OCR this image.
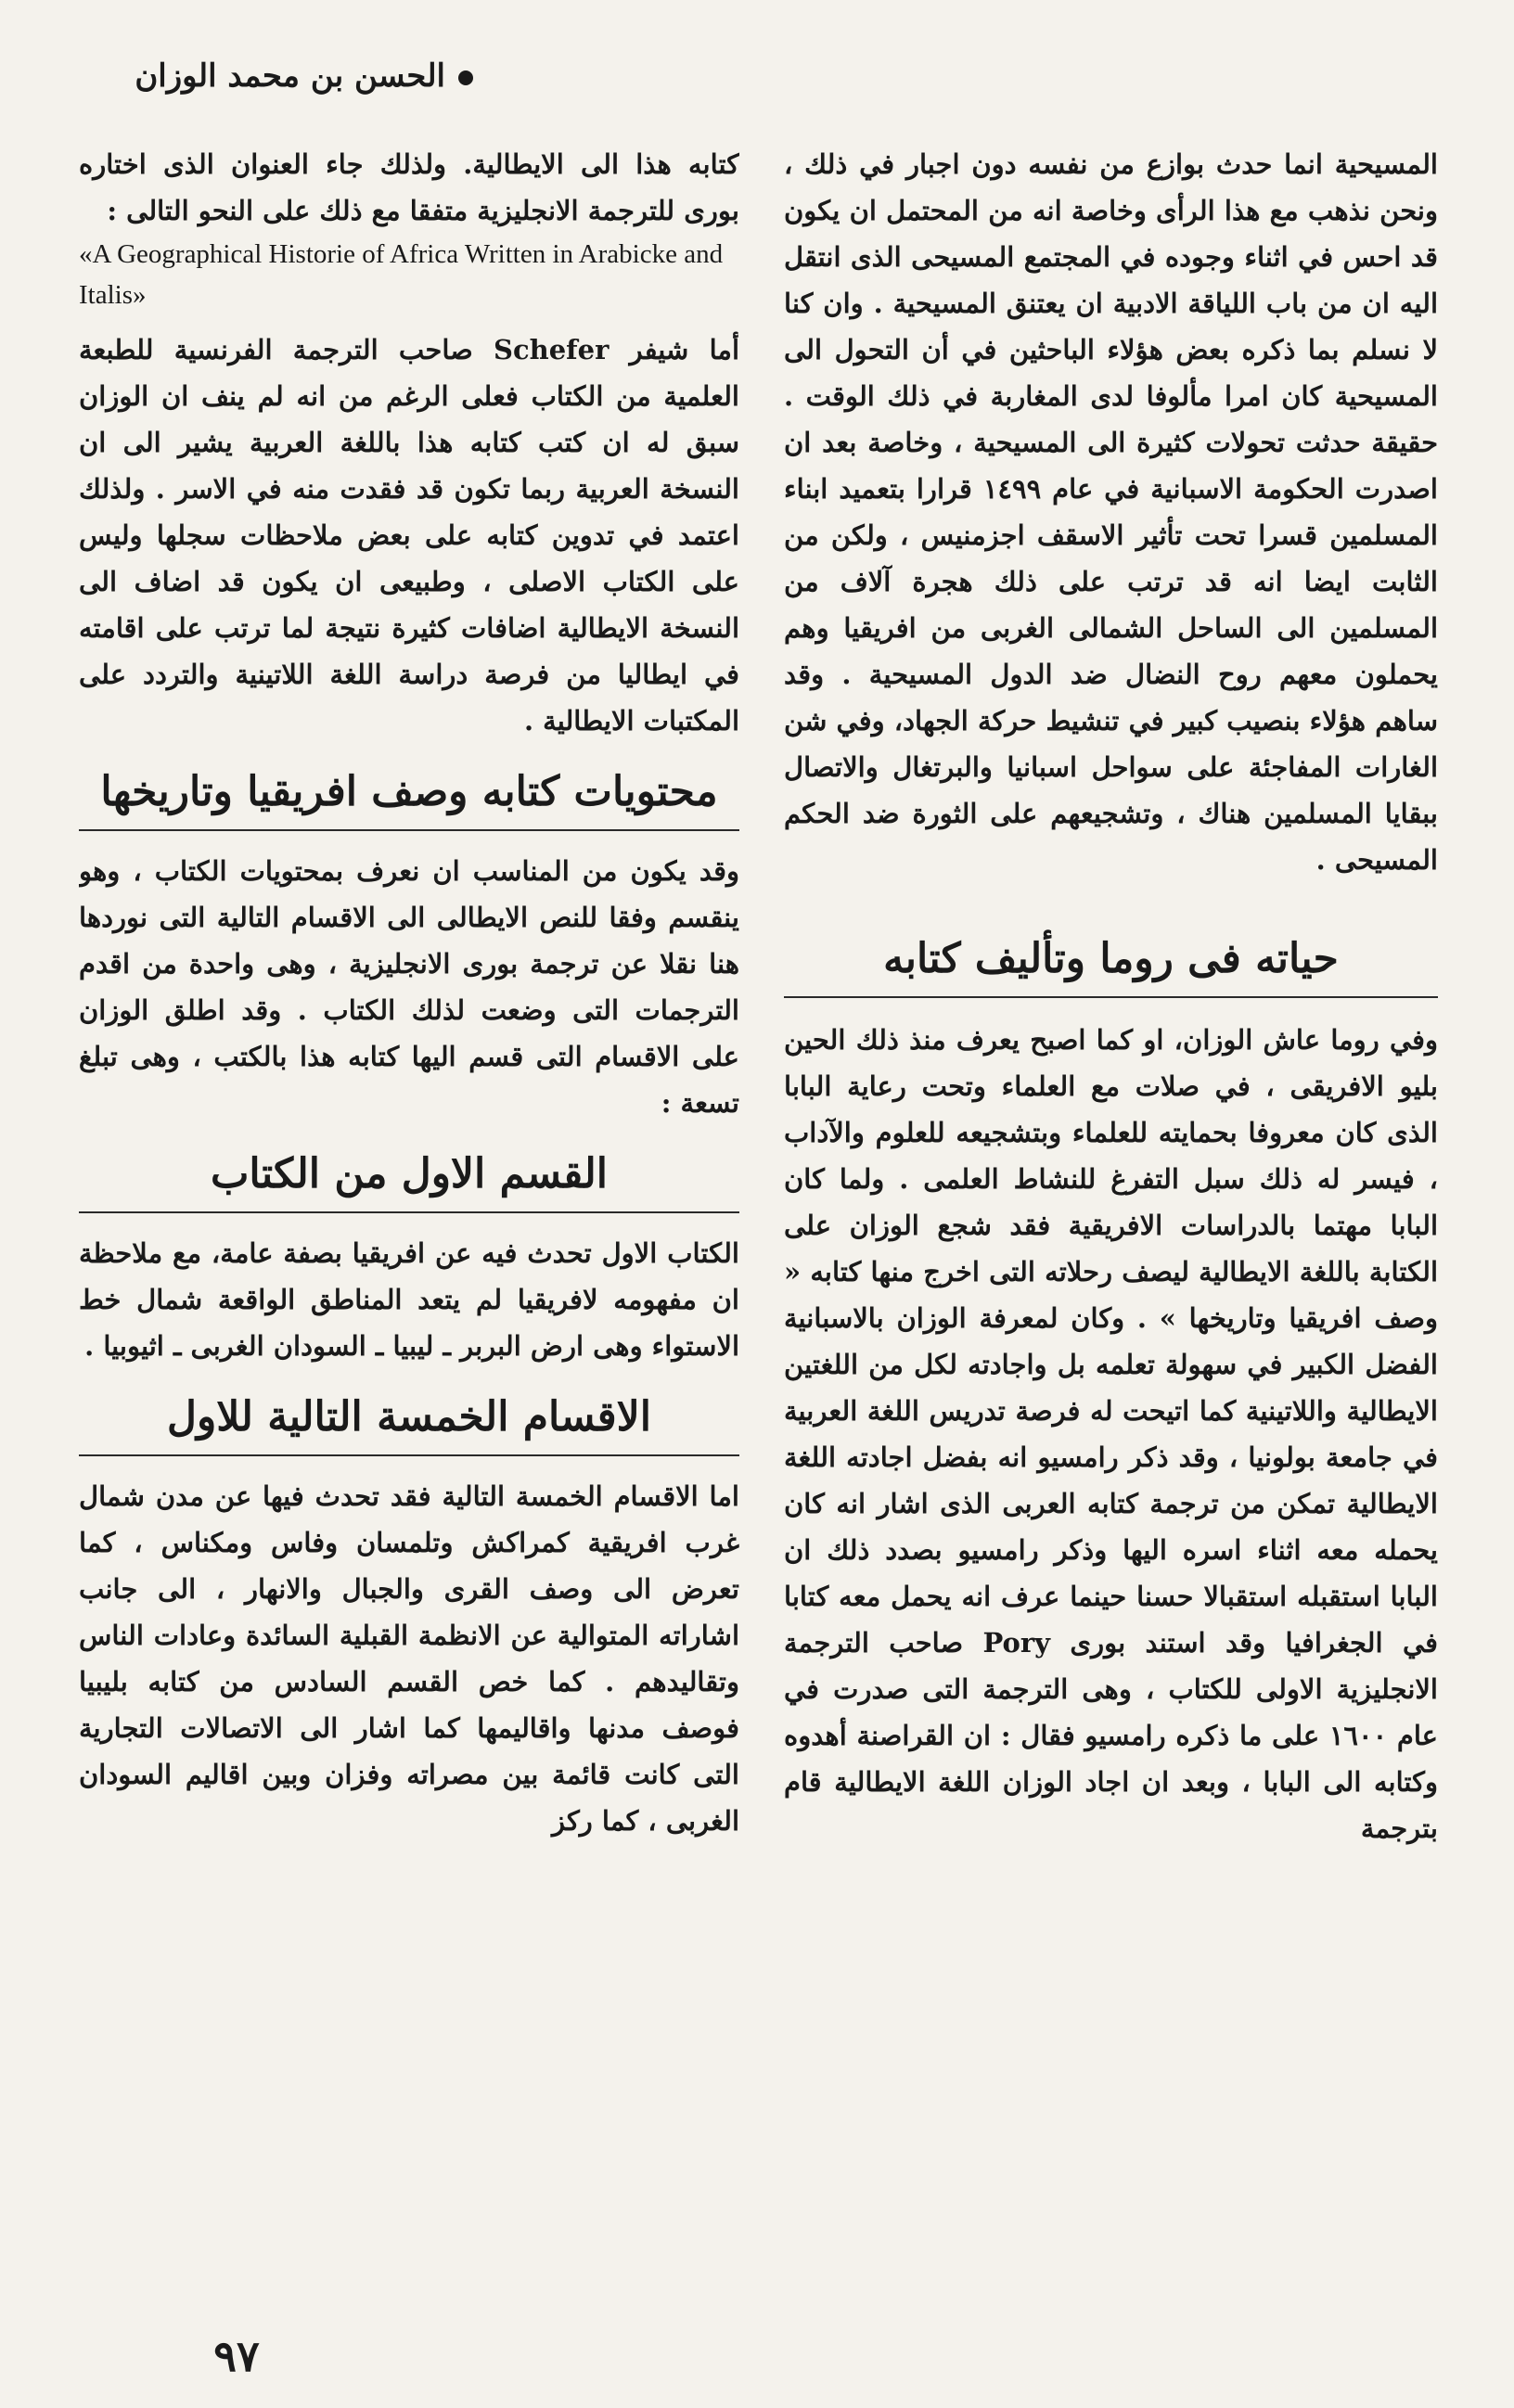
الحسن بن محمد الوزان

المسيحية انما حدث بوازع من نفسه دون اجبار في ذلك ، ونحن نذهب مع هذا الرأى وخاصة انه من المحتمل ان يكون قد احس في اثناء وجوده في المجتمع المسيحى الذى انتقل اليه ان من باب اللياقة الادبية ان يعتنق المسيحية . وان كنا لا نسلم بما ذكره بعض هؤلاء الباحثين في أن التحول الى المسيحية كان امرا مألوفا لدى المغاربة في ذلك الوقت . حقيقة حدثت تحولات كثيرة الى المسيحية ، وخاصة بعد ان اصدرت الحكومة الاسبانية في عام ١٤٩٩ قرارا بتعميد ابناء المسلمين قسرا تحت تأثير الاسقف اجزمنيس ، ولكن من الثابت ايضا انه قد ترتب على ذلك هجرة آلاف من المسلمين الى الساحل الشمالى الغربى من افريقيا وهم يحملون معهم روح النضال ضد الدول المسيحية . وقد ساهم هؤلاء بنصيب كبير في تنشيط حركة الجهاد، وفي شن الغارات المفاجئة على سواحل اسبانيا والبرتغال والاتصال ببقايا المسلمين هناك ، وتشجيعهم على الثورة ضد الحكم المسيحى .

حياته فى روما وتأليف كتابه

وفي روما عاش الوزان، او كما اصبح يعرف منذ ذلك الحين بليو الافريقى ، في صلات مع العلماء وتحت رعاية البابا الذى كان معروفا بحمايته للعلماء وبتشجيعه للعلوم والآداب ، فيسر له ذلك سبل التفرغ للنشاط العلمى . ولما كان البابا مهتما بالدراسات الافريقية فقد شجع الوزان على الكتابة باللغة الايطالية ليصف رحلاته التى اخرج منها كتابه « وصف افريقيا وتاريخها » . وكان لمعرفة الوزان بالاسبانية الفضل الكبير في سهولة تعلمه بل واجادته لكل من اللغتين الايطالية واللاتينية كما اتيحت له فرصة تدريس اللغة العربية في جامعة بولونيا ، وقد ذكر رامسيو انه بفضل اجادته اللغة الايطالية تمكن من ترجمة كتابه العربى الذى اشار انه كان يحمله معه اثناء اسره اليها وذكر رامسيو بصدد ذلك ان البابا استقبله استقبالا حسنا حينما عرف انه يحمل معه كتابا في الجغرافيا وقد استند بورى Pory صاحب الترجمة الانجليزية الاولى للكتاب ، وهى الترجمة التى صدرت في عام ١٦٠٠ على ما ذكره رامسيو فقال : ان القراصنة أهدوه وكتابه الى البابا ، وبعد ان اجاد الوزان اللغة الايطالية قام بترجمة

كتابه هذا الى الايطالية. ولذلك جاء العنوان الذى اختاره بورى للترجمة الانجليزية متفقا مع ذلك على النحو التالى :

«A Geographical Historie of Africa Written in Arabicke and Italis»

أما شيفر Schefer صاحب الترجمة الفرنسية للطبعة العلمية من الكتاب فعلى الرغم من انه لم ينف ان الوزان سبق له ان كتب كتابه هذا باللغة العربية يشير الى ان النسخة العربية ربما تكون قد فقدت منه في الاسر . ولذلك اعتمد في تدوين كتابه على بعض ملاحظات سجلها وليس على الكتاب الاصلى ، وطبيعى ان يكون قد اضاف الى النسخة الايطالية اضافات كثيرة نتيجة لما ترتب على اقامته في ايطاليا من فرصة دراسة اللغة اللاتينية والتردد على المكتبات الايطالية .

محتويات كتابه وصف افريقيا وتاريخها

وقد يكون من المناسب ان نعرف بمحتويات الكتاب ، وهو ينقسم وفقا للنص الايطالى الى الاقسام التالية التى نوردها هنا نقلا عن ترجمة بورى الانجليزية ، وهى واحدة من اقدم الترجمات التى وضعت لذلك الكتاب . وقد اطلق الوزان على الاقسام التى قسم اليها كتابه هذا بالكتب ، وهى تبلغ تسعة :

القسم الاول من الكتاب

الكتاب الاول تحدث فيه عن افريقيا بصفة عامة، مع ملاحظة ان مفهومه لافريقيا لم يتعد المناطق الواقعة شمال خط الاستواء وهى ارض البربر ـ ليبيا ـ السودان الغربى ـ اثيوبيا .

الاقسام الخمسة التالية للاول

اما الاقسام الخمسة التالية فقد تحدث فيها عن مدن شمال غرب افريقية كمراكش وتلمسان وفاس ومكناس ، كما تعرض الى وصف القرى والجبال والانهار ، الى جانب اشاراته المتوالية عن الانظمة القبلية السائدة وعادات الناس وتقاليدهم . كما خص القسم السادس من كتابه بليبيا فوصف مدنها واقاليمها كما اشار الى الاتصالات التجارية التى كانت قائمة بين مصراته وفزان وبين اقاليم السودان الغربى ، كما ركز

٩٧
